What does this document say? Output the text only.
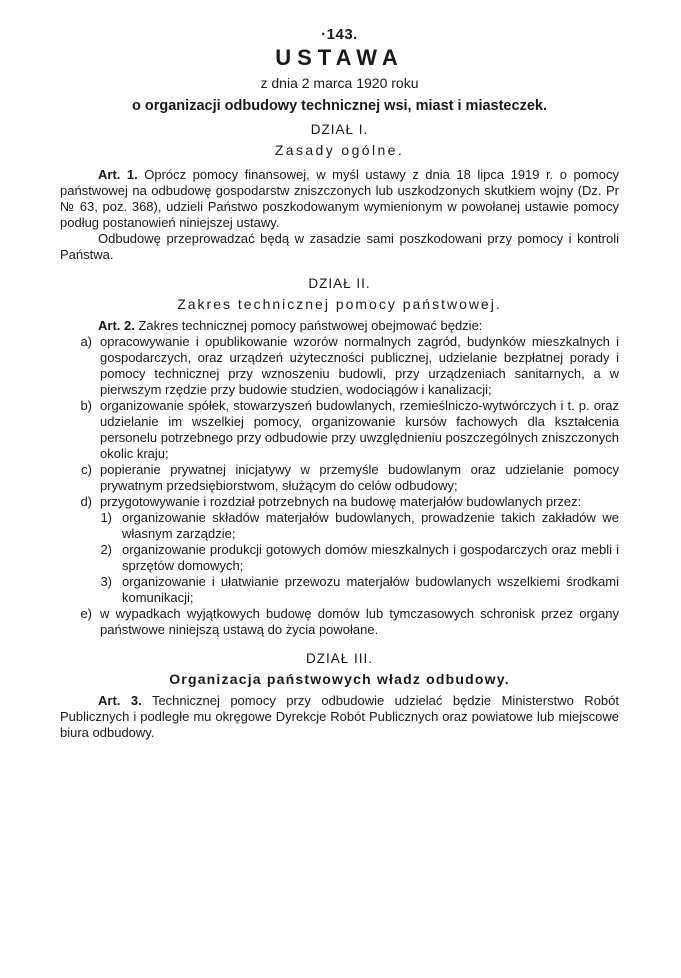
·143.
USTAWA
z dnia 2 marca 1920 roku
o organizacji odbudowy technicznej wsi, miast i miasteczek.
DZIAŁ I.
Zasady ogólne.

Art. 1. Oprócz pomocy finansowej, w myśl ustawy z dnia 18 lipca 1919 r. o pomocy państwowej na odbudowę gospodarstw zniszczonych lub uszkodzonych skutkiem wojny (Dz. Pr № 63, poz. 368), udzieli Państwo poszkodowanym wymienionym w powołanej ustawie pomocy podług postanowień niniejszej ustawy.

Odbudowę przeprowadzać będą w zasadzie sami poszkodowani przy pomocy i kontroli Państwa.

DZIAŁ II.
Zakres technicznej pomocy państwowej.

Art. 2. Zakres technicznej pomocy państwowej obejmować będzie:

a) opracowywanie i opublikowanie wzorów normalnych zagród, budynków mieszkalnych i gospodarczych, oraz urządzeń użyteczności publicznej, udzielanie bezpłatnej porady i pomocy technicznej przy wznoszeniu budowli, przy urządzeniach sanitarnych, a w pierwszym rzędzie przy budowie studzien, wodociągów i kanalizacji;
b) organizowanie spółek, stowarzyszeń budowlanych, rzemieślniczo-wytwórczych i t. p. oraz udzielanie im wszelkiej pomocy, organizowanie kursów fachowych dla kształcenia personelu potrzebnego przy odbudowie przy uwzględnieniu poszczególnych zniszczonych okolic kraju;
c) popieranie prywatnej inicjatywy w przemyśle budowlanym oraz udzielanie pomocy prywatnym przedsiębiorstwom, służącym do celów odbudowy;
d) przygotowywanie i rozdział potrzebnych na budowę materjałów budowlanych przez:
1) organizowanie składów materjałów budowlanych, prowadzenie takich zakładów we własnym zarządzie;
2) organizowanie produkcji gotowych domów mieszkalnych i gospodarczych oraz mebli i sprzętów domowych;
3) organizowanie i ułatwianie przewozu materjałów budowlanych wszelkiemi środkami komunikacji;
e) w wypadkach wyjątkowych budowę domów lub tymczasowych schronisk przez organy państwowe niniejszą ustawą do życia powołane.
DZIAŁ III.
Organizacja państwowych władz odbudowy.

Art. 3. Technicznej pomocy przy odbudowie udzielać będzie Ministerstwo Robót Publicznych i podległe mu okręgowe Dyrekcje Robót Publicznych oraz powiatowe lub miejscowe biura odbudowy.
